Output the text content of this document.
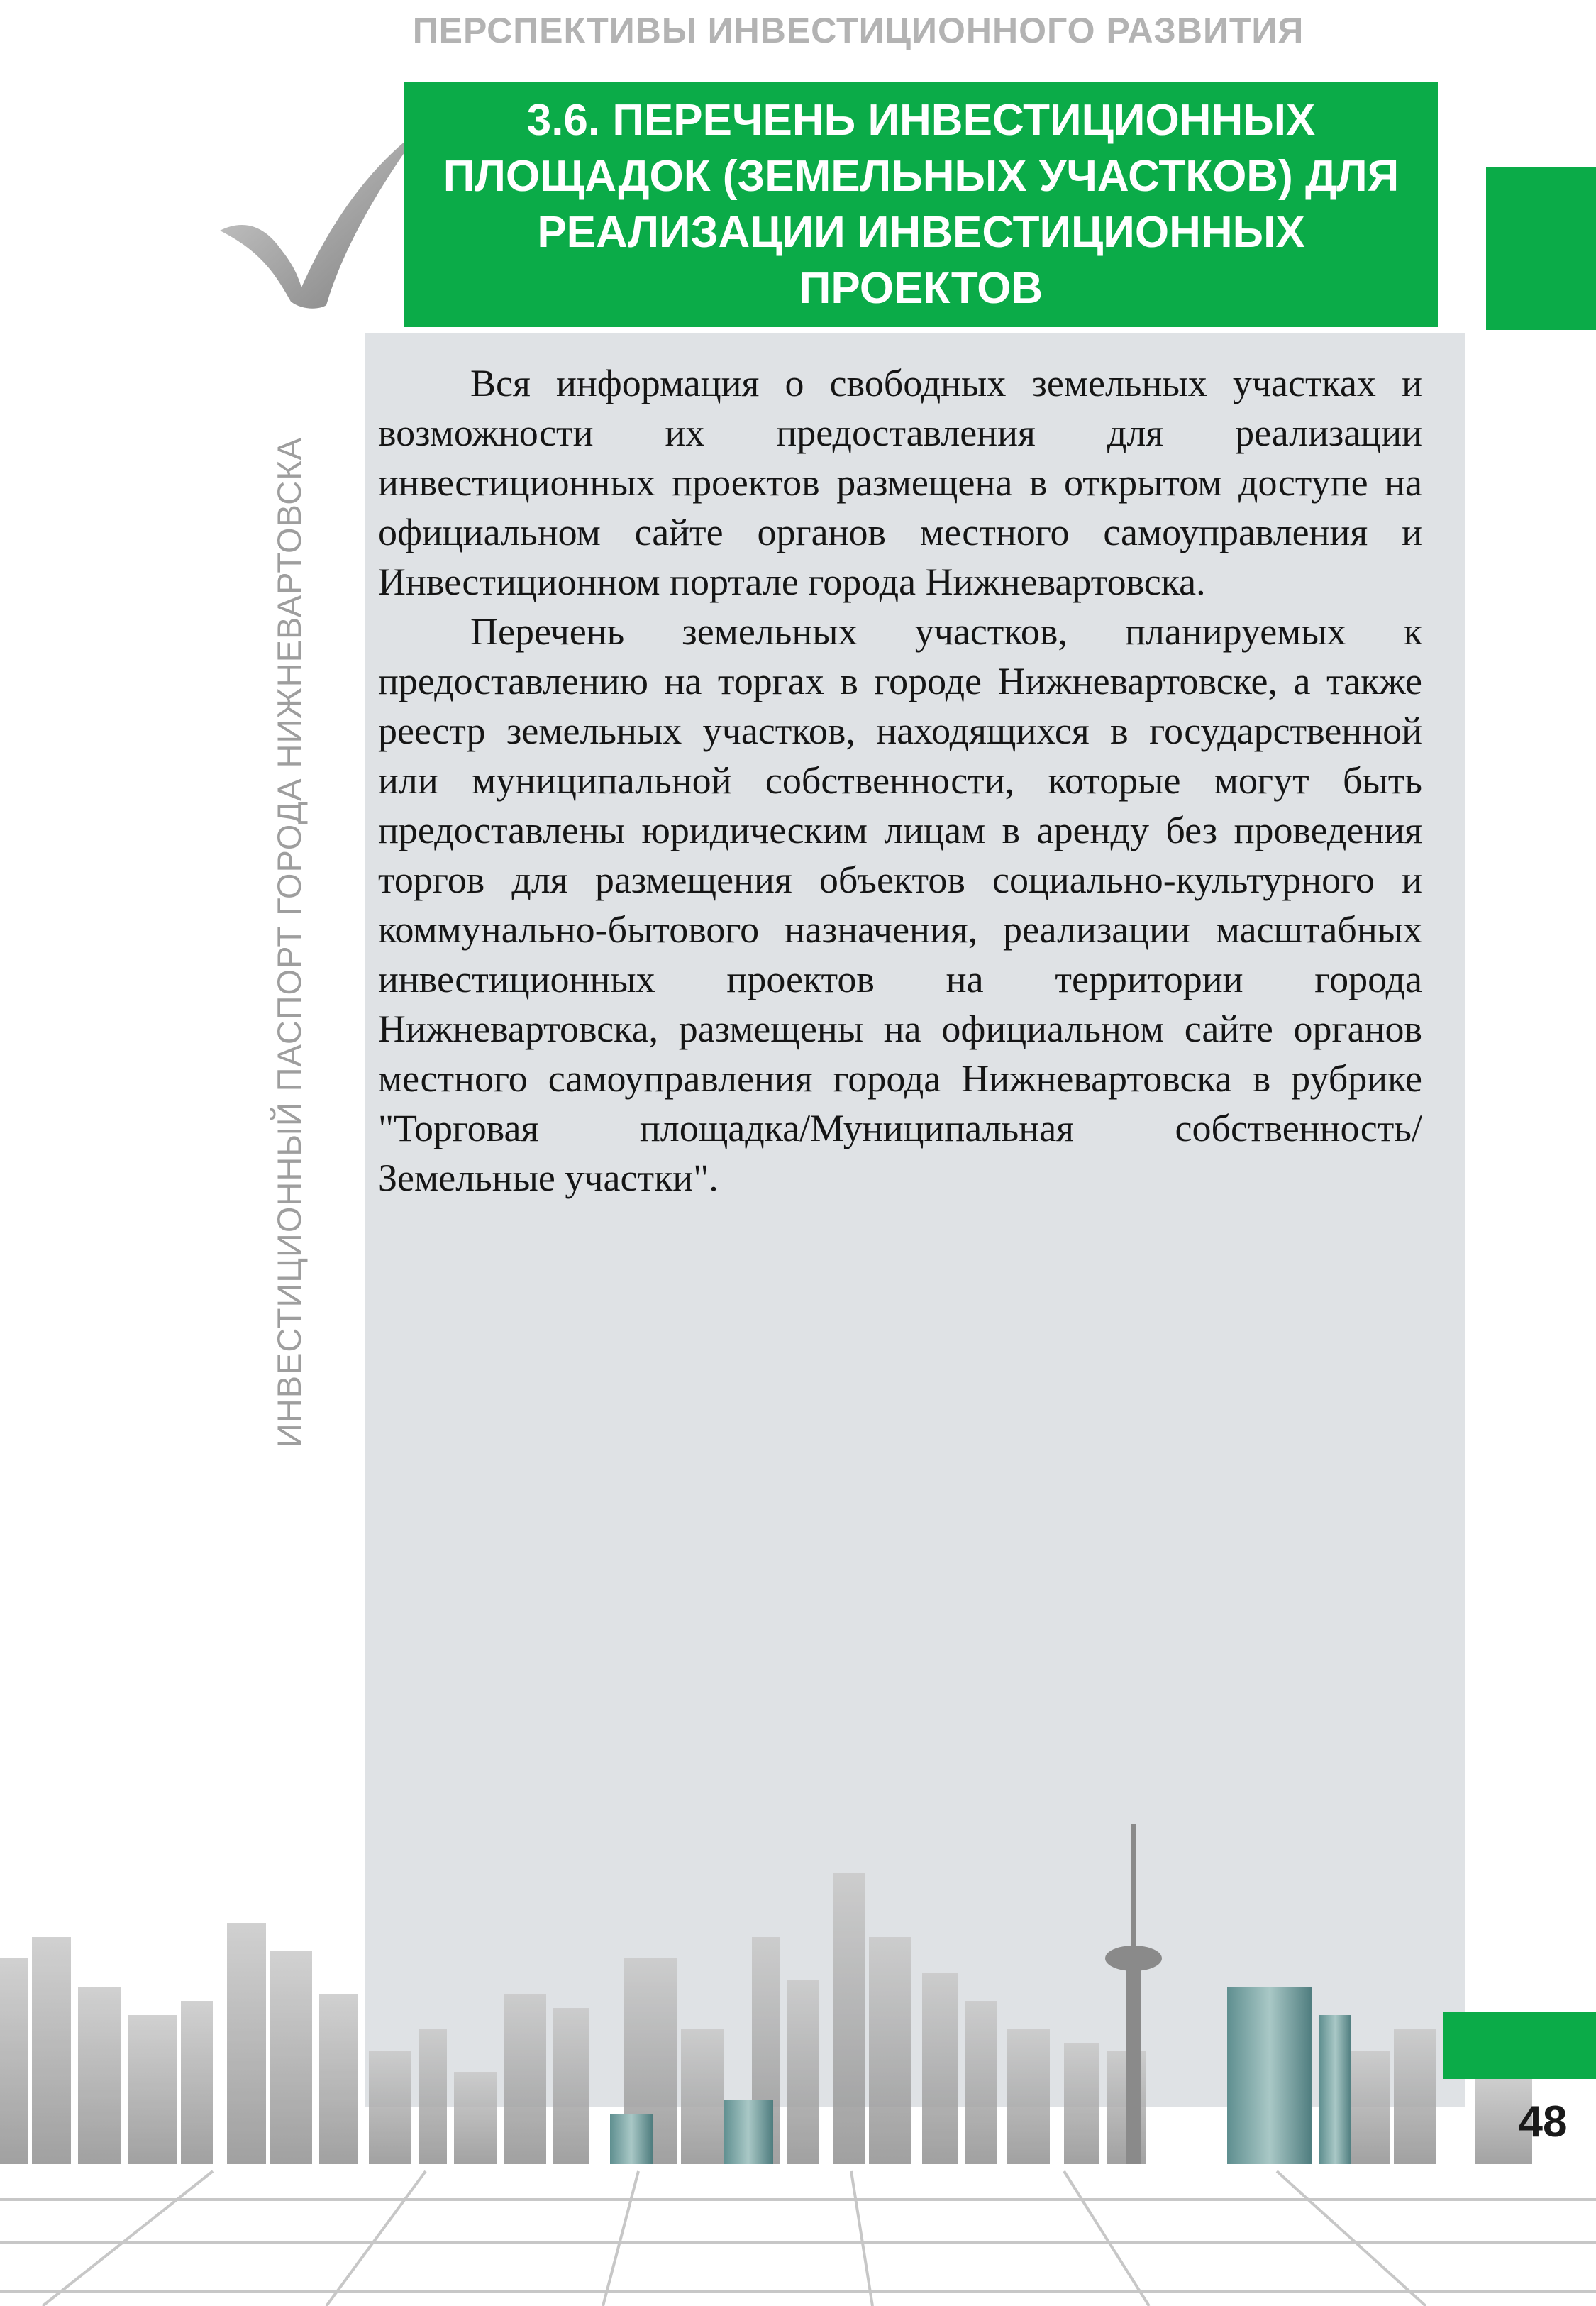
ПЕРСПЕКТИВЫ ИНВЕСТИЦИОННОГО РАЗВИТИЯ
3.6. ПЕРЕЧЕНЬ ИНВЕСТИЦИОННЫХ ПЛОЩАДОК (ЗЕМЕЛЬНЫХ УЧАСТКОВ) ДЛЯ РЕАЛИЗАЦИИ ИНВЕСТИЦИОННЫХ ПРОЕКТОВ
ИНВЕСТИЦИОННЫЙ ПАСПОРТ ГОРОДА НИЖНЕВАРТОВСКА

Вся информация о свободных земельных участках и возможности их предоставления для реализации инвестиционных проектов размещена в открытом доступе на официальном сайте органов местного самоуправления и Инвестиционном портале города Нижневартовска.

Перечень земельных участков, планируемых к предоставлению на торгах в городе Нижневартовске, а также реестр земельных участков, находящихся в государственной или муниципальной собственности, которые могут быть предоставлены юридическим лицам в аренду без проведения торгов для размещения объектов социально-культурного и коммунально-бытового назначения, реализации масштабных инвестиционных проектов на территории города Нижневартовска, размещены на официальном сайте органов местного самоуправления города Нижневартовска в рубрике "Торговая площадка/Муниципальная собственность/ Земельные участки".

48
